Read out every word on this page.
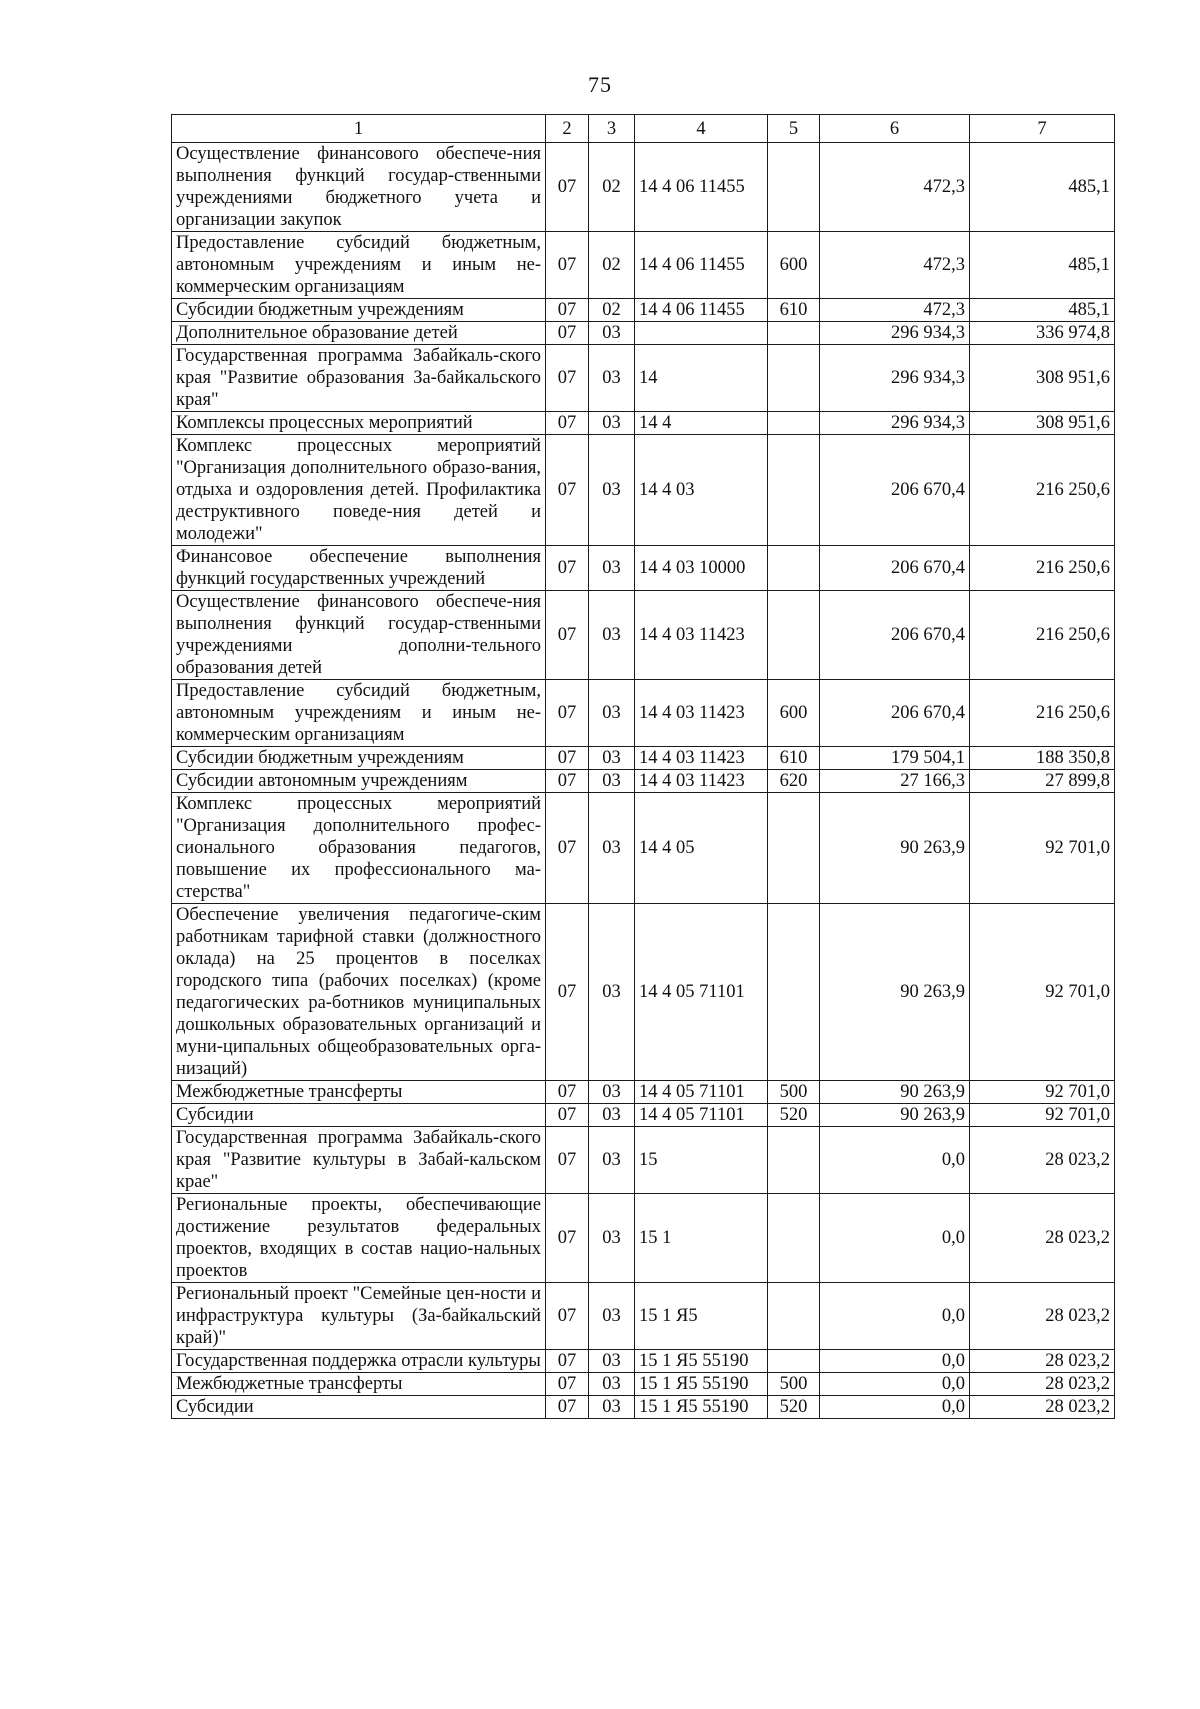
75
1	2	3	4	5	6	7
Осуществление финансового обеспече-ния выполнения функций государ-ственными учреждениями бюджетного учета и организации закупок	07	02	14 4 06 11455		472,3	485,1
Предоставление субсидий бюджетным, автономным учреждениям и иным не-коммерческим организациям	07	02	14 4 06 11455	600	472,3	485,1
Субсидии бюджетным учреждениям	07	02	14 4 06 11455	610	472,3	485,1
Дополнительное образование детей	07	03			296 934,3	336 974,8
Государственная программа Забайкаль-ского края "Развитие образования За-байкальского края"	07	03	14		296 934,3	308 951,6
Комплексы процессных мероприятий	07	03	14 4		296 934,3	308 951,6
Комплекс процессных мероприятий "Организация дополнительного образо-вания, отдыха и оздоровления детей. Профилактика деструктивного поведе-ния детей и молодежи"	07	03	14 4 03		206 670,4	216 250,6
Финансовое обеспечение выполнения функций государственных учреждений	07	03	14 4 03 10000		206 670,4	216 250,6
Осуществление финансового обеспече-ния выполнения функций государ-ственными учреждениями дополни-тельного образования детей	07	03	14 4 03 11423		206 670,4	216 250,6
Предоставление субсидий бюджетным, автономным учреждениям и иным не-коммерческим организациям	07	03	14 4 03 11423	600	206 670,4	216 250,6
Субсидии бюджетным учреждениям	07	03	14 4 03 11423	610	179 504,1	188 350,8
Субсидии автономным учреждениям	07	03	14 4 03 11423	620	27 166,3	27 899,8
Комплекс процессных мероприятий "Организация дополнительного профес-сионального образования педагогов, повышение их профессионального ма-стерства"	07	03	14 4 05		90 263,9	92 701,0
Обеспечение увеличения педагогиче-ским работникам тарифной ставки (должностного оклада) на 25 процентов в поселках городского типа (рабочих поселках) (кроме педагогических ра-ботников муниципальных дошкольных образовательных организаций и муни-ципальных общеобразовательных орга-низаций)	07	03	14 4 05 71101		90 263,9	92 701,0
Межбюджетные трансферты	07	03	14 4 05 71101	500	90 263,9	92 701,0
Субсидии	07	03	14 4 05 71101	520	90 263,9	92 701,0
Государственная программа Забайкаль-ского края "Развитие культуры в Забай-кальском крае"	07	03	15		0,0	28 023,2
Региональные проекты, обеспечивающие достижение результатов федеральных проектов, входящих в состав нацио-нальных проектов	07	03	15 1		0,0	28 023,2
Региональный проект "Семейные цен-ности и инфраструктура культуры (За-байкальский край)"	07	03	15 1 Я5		0,0	28 023,2
Государственная поддержка отрасли культуры	07	03	15 1 Я5 55190		0,0	28 023,2
Межбюджетные трансферты	07	03	15 1 Я5 55190	500	0,0	28 023,2
Субсидии	07	03	15 1 Я5 55190	520	0,0	28 023,2
